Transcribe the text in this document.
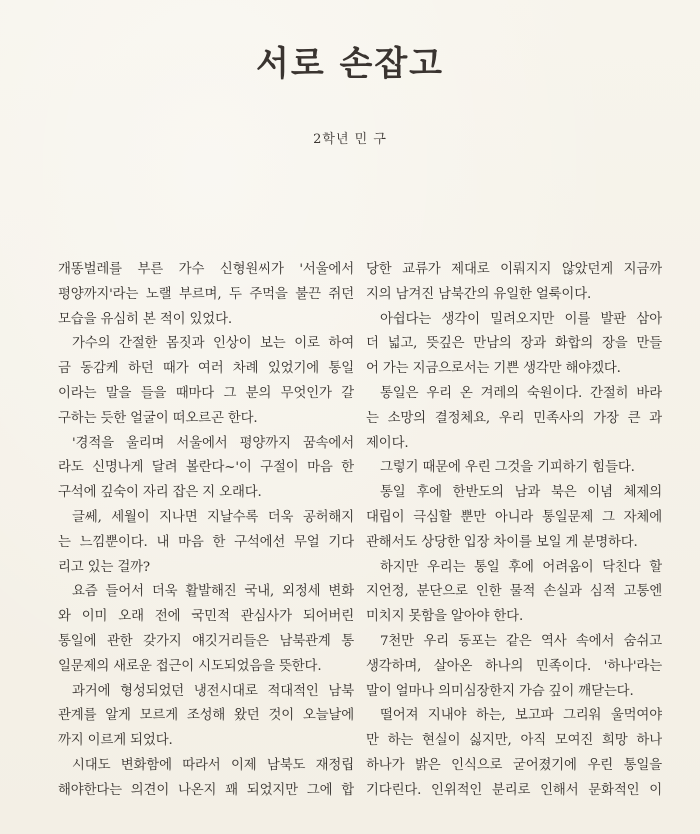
서로 손잡고
2학년 민 구
개똥벌레를 부른 가수 신형원씨가 '서울에서
평양까지'라는 노랠 부르며, 두 주먹을 불끈 쥐던
모습을 유심히 본 적이 있었다.
가수의 간절한 몸짓과 인상이 보는 이로 하여
금 동감케 하던 때가 여러 차례 있었기에 통일
이라는 말을 들을 때마다 그 분의 무엇인가 갈
구하는 듯한 얼굴이 떠오르곤 한다.
'경적을 울리며 서울에서 평양까지 꿈속에서
라도 신명나게 달려 볼란다~'이 구절이 마음 한
구석에 깊숙이 자리 잡은 지 오래다.
글쎄, 세월이 지나면 지날수록 더욱 공허해지
는 느낌뿐이다. 내 마음 한 구석에선 무얼 기다
리고 있는 걸까?
요즘 들어서 더욱 활발해진 국내, 외정세 변화
와 이미 오래 전에 국민적 관심사가 되어버린
통일에 관한 갖가지 얘깃거리들은 남북관계 통
일문제의 새로운 접근이 시도되었음을 뜻한다.
과거에 형성되었던 냉전시대로 적대적인 남북
관계를 알게 모르게 조성해 왔던 것이 오늘날에
까지 이르게 되었다.
시대도 변화함에 따라서 이제 남북도 재정립
해야한다는 의견이 나온지 꽤 되었지만 그에 합
당한 교류가 제대로 이뤄지지 않았던게 지금까
지의 남겨진 남북간의 유일한 얼룩이다.
아쉽다는 생각이 밀려오지만 이를 발판 삼아
더 넓고, 뜻깊은 만남의 장과 화합의 장을 만들
어 가는 지금으로서는 기쁜 생각만 해야겠다.
통일은 우리 온 겨레의 숙원이다. 간절히 바라
는 소망의 결정체요, 우리 민족사의 가장 큰 과
제이다.
그렇기 때문에 우린 그것을 기피하기 힘들다.
통일 후에 한반도의 남과 북은 이념 체제의
대립이 극심할 뿐만 아니라 통일문제 그 자체에
관해서도 상당한 입장 차이를 보일 게 분명하다.
하지만 우리는 통일 후에 어려움이 닥친다 할
지언정, 분단으로 인한 물적 손실과 심적 고통엔
미치지 못함을 알아야 한다.
7천만 우리 동포는 같은 역사 속에서 숨쉬고
생각하며, 살아온 하나의 민족이다. '하나'라는
말이 얼마나 의미심장한지 가슴 깊이 깨닫는다.
떨어져 지내야 하는, 보고파 그리워 울먹여야
만 하는 현실이 싫지만, 아직 모여진 희망 하나
하나가 밝은 인식으로 굳어졌기에 우린 통일을
기다린다. 인위적인 분리로 인해서 문화적인 이
